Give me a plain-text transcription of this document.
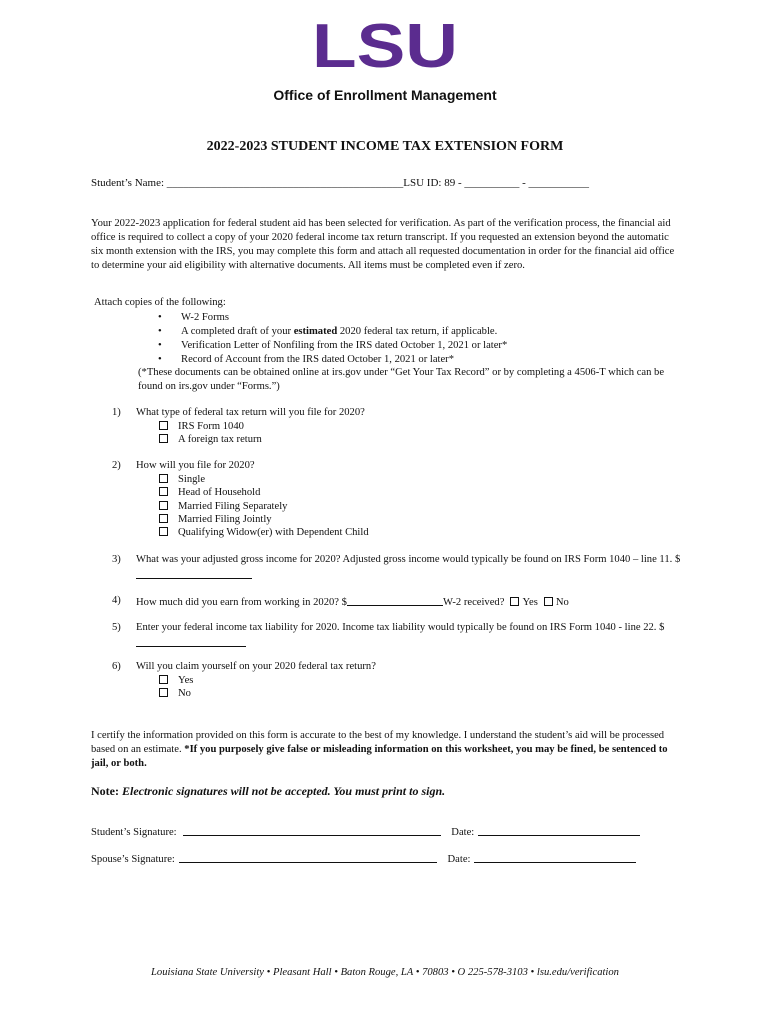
LSU
Office of Enrollment Management
2022-2023 STUDENT INCOME TAX EXTENSION FORM
Student’s Name: ___________________________________________LSU ID: 89 - __________ - ___________
Your 2022-2023 application for federal student aid has been selected for verification. As part of the verification process, the financial aid office is required to collect a copy of your 2020 federal income tax return transcript. If you requested an extension beyond the automatic six month extension with the IRS, you may complete this form and attach all requested documentation in order for the financial aid office to determine your aid eligibility with alternative documents. All items must be completed even if zero.
Attach copies of the following:
• W-2 Forms
• A completed draft of your estimated 2020 federal tax return, if applicable.
• Verification Letter of Nonfiling from the IRS dated October 1, 2021 or later*
• Record of Account from the IRS dated October 1, 2021 or later*
(*These documents can be obtained online at irs.gov under “Get Your Tax Record” or by completing a 4506-T which can be found on irs.gov under “Forms.”)
1) What type of federal tax return will you file for 2020?
IRS Form 1040
A foreign tax return
2) How will you file for 2020?
Single
Head of Household
Married Filing Separately
Married Filing Jointly
Qualifying Widow(er) with Dependent Child
3) What was your adjusted gross income for 2020? Adjusted gross income would typically be found on IRS Form 1040 – line 11. $
4) How much did you earn from working in 2020? $	W-2 received? Yes No
5) Enter your federal income tax liability for 2020. Income tax liability would typically be found on IRS Form 1040 - line 22. $
6) Will you claim yourself on your 2020 federal tax return?
Yes
No
I certify the information provided on this form is accurate to the best of my knowledge. I understand the student’s aid will be processed based on an estimate. *If you purposely give false or misleading information on this worksheet, you may be fined, be sentenced to jail, or both.
Note: Electronic signatures will not be accepted. You must print to sign.
Student’s Signature:	Date:
Spouse’s Signature:	Date:
Louisiana State University • Pleasant Hall • Baton Rouge, LA • 70803 • O 225-578-3103 • lsu.edu/verification
